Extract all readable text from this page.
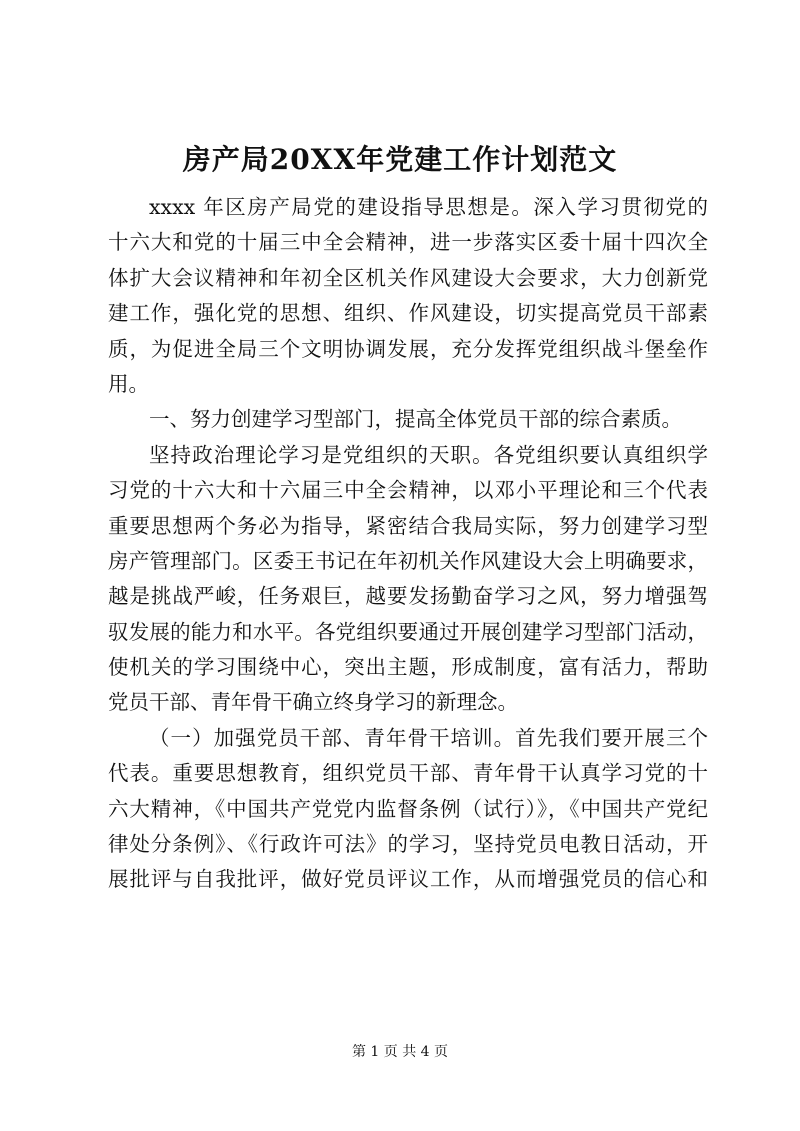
房产局20XX年党建工作计划范文
xxxx 年区房产局党的建设指导思想是。深入学习贯彻党的
十六大和党的十届三中全会精神，进一步落实区委十届十四次全
体扩大会议精神和年初全区机关作风建设大会要求，大力创新党
建工作，强化党的思想、组织、作风建设，切实提高党员干部素
质，为促进全局三个文明协调发展，充分发挥党组织战斗堡垒作
用。
一、努力创建学习型部门，提高全体党员干部的综合素质。
坚持政治理论学习是党组织的天职。各党组织要认真组织学
习党的十六大和十六届三中全会精神，以邓小平理论和三个代表
重要思想两个务必为指导，紧密结合我局实际，努力创建学习型
房产管理部门。区委王书记在年初机关作风建设大会上明确要求，
越是挑战严峻，任务艰巨，越要发扬勤奋学习之风，努力增强驾
驭发展的能力和水平。各党组织要通过开展创建学习型部门活动，
使机关的学习围绕中心，突出主题，形成制度，富有活力，帮助
党员干部、青年骨干确立终身学习的新理念。
（一）加强党员干部、青年骨干培训。首先我们要开展三个
代表。重要思想教育，组织党员干部、青年骨干认真学习党的十
六大精神，《中国共产党党内监督条例（试行）》，《中国共产党纪
律处分条例》、《行政许可法》的学习，坚持党员电教日活动，开
展批评与自我批评，做好党员评议工作，从而增强党员的信心和
第 1 页 共 4 页
